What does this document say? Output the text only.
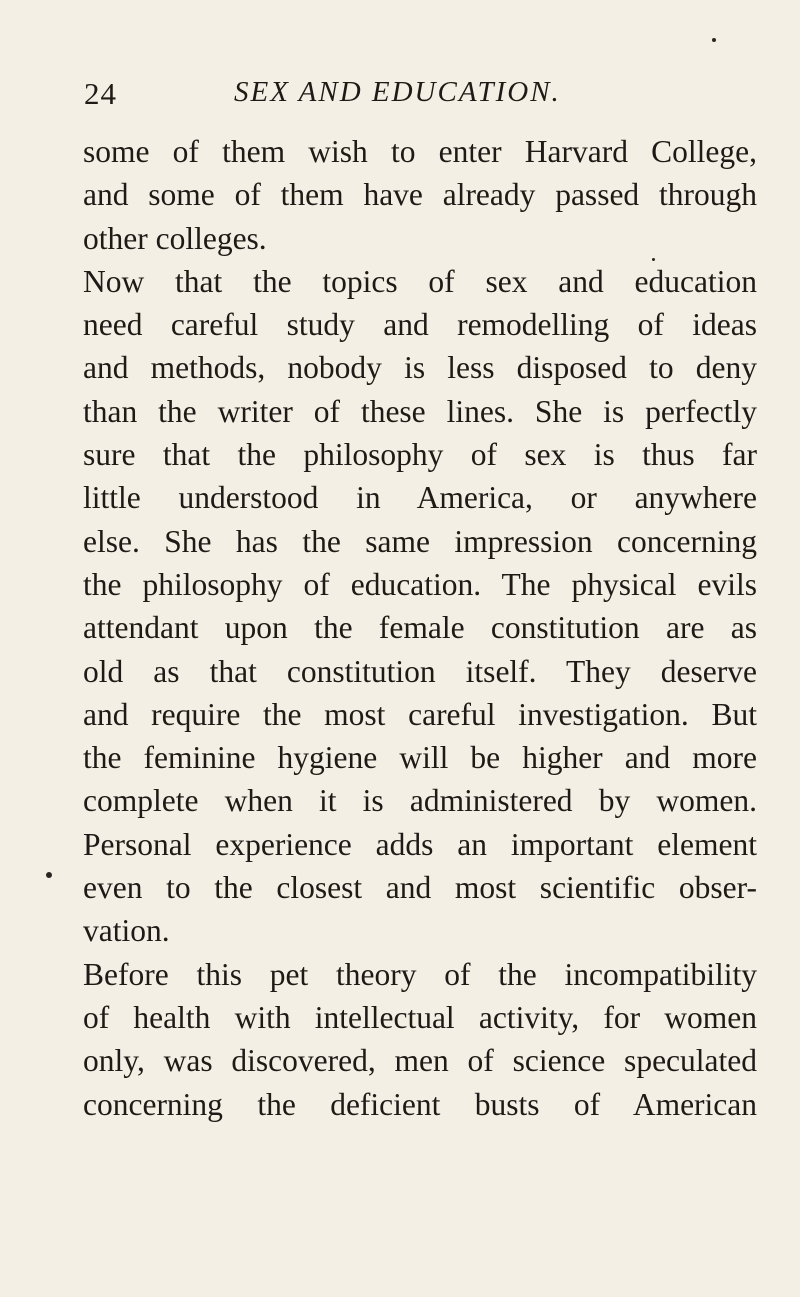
24	SEX AND EDUCATION.
some of them wish to enter Harvard College,
and some of them have already passed through
other colleges.
Now that the topics of sex and education
need careful study and remodelling of ideas
and methods, nobody is less disposed to deny
than the writer of these lines. She is perfectly
sure that the philosophy of sex is thus far
little understood in America, or anywhere
else. She has the same impression concerning
the philosophy of education. The physical evils
attendant upon the female constitution are as
old as that constitution itself. They deserve
and require the most careful investigation. But
the feminine hygiene will be higher and more
complete when it is administered by women.
Personal experience adds an important element
even to the closest and most scientific obser-
vation.
Before this pet theory of the incompatibility
of health with intellectual activity, for women
only, was discovered, men of science speculated
concerning the deficient busts of American
